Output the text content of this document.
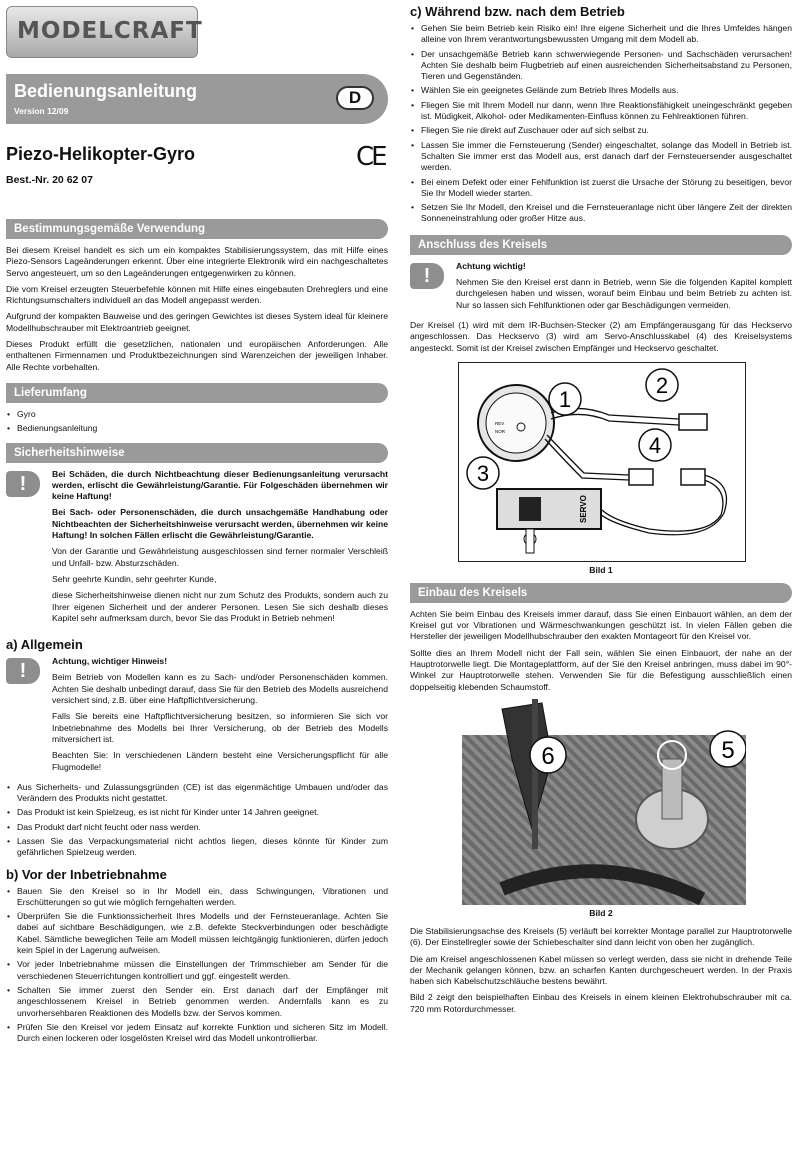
MODELCRAFT
Bedienungsanleitung
Version 12/09
D
Piezo-Helikopter-Gyro	CE
Best.-Nr. 20 62 07
Bestimmungsgemäße Verwendung

Bei diesem Kreisel handelt es sich um ein kompaktes Stabilisierungssystem, das mit Hilfe eines Piezo-Sensors Lageänderungen erkennt. Über eine integrierte Elektronik wird ein nachgeschaltetes Servo angesteuert, um so den Lageänderungen entgegenwirken zu können.

Die vom Kreisel erzeugten Steuerbefehle können mit Hilfe eines eingebauten Drehreglers und eine Richtungsumschalters individuell an das Modell angepasst werden.

Aufgrund der kompakten Bauweise und des geringen Gewichtes ist dieses System ideal für kleinere Modellhubschrauber mit Elektroantrieb geeignet.

Dieses Produkt erfüllt die gesetzlichen, nationalen und europäischen Anforderungen. Alle enthaltenen Firmennamen und Produktbezeichnungen sind Warenzeichen der jeweiligen Inhaber. Alle Rechte vorbehalten.

Lieferumfang
• Gyro
• Bedienungsanleitung
Sicherheitshinweise
!	Bei Schäden, die durch Nichtbeachtung dieser Bedienungsanleitung verursacht werden, erlischt die Gewährleistung/Garantie. Für Folgeschäden übernehmen wir keine Haftung!

Bei Sach- oder Personenschäden, die durch unsachgemäße Handhabung oder Nichtbeachten der Sicherheitshinweise verursacht werden, übernehmen wir keine Haftung! In solchen Fällen erlischt die Gewährleistung/Garantie.

Von der Garantie und Gewährleistung ausgeschlossen sind ferner normaler Verschleiß und Unfall- bzw. Absturzschäden.

Sehr geehrte Kundin, sehr geehrter Kunde,

diese Sicherheitshinweise dienen nicht nur zum Schutz des Produkts, sondern auch zu Ihrer eigenen Sicherheit und der anderer Personen. Lesen Sie sich deshalb dieses Kapitel sehr aufmerksam durch, bevor Sie das Produkt in Betrieb nehmen!

a) Allgemein
!	Achtung, wichtiger Hinweis!

Beim Betrieb von Modellen kann es zu Sach- und/oder Personenschäden kommen. Achten Sie deshalb unbedingt darauf, dass Sie für den Betrieb des Modells ausreichend versichert sind, z.B. über eine Haftpflichtversicherung.

Falls Sie bereits eine Haftpflichtversicherung besitzen, so informieren Sie sich vor Inbetriebnahme des Modells bei Ihrer Versicherung, ob der Betrieb des Modells mitversichert ist.

Beachten Sie: In verschiedenen Ländern besteht eine Versicherungspflicht für alle Flugmodelle!

• Aus Sicherheits- und Zulassungsgründen (CE) ist das eigenmächtige Umbauen und/oder das Verändern des Produkts nicht gestattet.
• Das Produkt ist kein Spielzeug, es ist nicht für Kinder unter 14 Jahren geeignet.
• Das Produkt darf nicht feucht oder nass werden.
• Lassen Sie das Verpackungsmaterial nicht achtlos liegen, dieses könnte für Kinder zum gefährlichen Spielzeug werden.
b) Vor der Inbetriebnahme
• Bauen Sie den Kreisel so in Ihr Modell ein, dass Schwingungen, Vibrationen und Erschütterungen so gut wie möglich ferngehalten werden.
• Überprüfen Sie die Funktionssicherheit Ihres Modells und der Fernsteueranlage. Achten Sie dabei auf sichtbare Beschädigungen, wie z.B. defekte Steckverbindungen oder beschädigte Kabel. Sämtliche beweglichen Teile am Modell müssen leichtgängig funktionieren, dürfen jedoch kein Spiel in der Lagerung aufweisen.
• Vor jeder Inbetriebnahme müssen die Einstellungen der Trimmschieber am Sender für die verschiedenen Steuerrichtungen kontrolliert und ggf. eingestellt werden.
• Schalten Sie immer zuerst den Sender ein. Erst danach darf der Empfänger mit angeschlossenem Kreisel in Betrieb genommen werden. Andernfalls kann es zu unvorhersehbaren Reaktionen des Modells bzw. der Servos kommen.
• Prüfen Sie den Kreisel vor jedem Einsatz auf korrekte Funktion und sicheren Sitz im Modell. Durch einen lockeren oder losgelösten Kreisel wird das Modell unkontrollierbar.
c) Während bzw. nach dem Betrieb
• Gehen Sie beim Betrieb kein Risiko ein! Ihre eigene Sicherheit und die Ihres Umfeldes hängen alleine von Ihrem verantwortungsbewussten Umgang mit dem Modell ab.
• Der unsachgemäße Betrieb kann schwerwiegende Personen- und Sachschäden verursachen! Achten Sie deshalb beim Flugbetrieb auf einen ausreichenden Sicherheitsabstand zu Personen, Tieren und Gegenständen.
• Wählen Sie ein geeignetes Gelände zum Betrieb Ihres Modells aus.
• Fliegen Sie mit Ihrem Modell nur dann, wenn Ihre Reaktionsfähigkeit uneingeschränkt gegeben ist. Müdigkeit, Alkohol- oder Medikamenten-Einfluss können zu Fehlreaktionen führen.
• Fliegen Sie nie direkt auf Zuschauer oder auf sich selbst zu.
• Lassen Sie immer die Fernsteuerung (Sender) eingeschaltet, solange das Modell in Betrieb ist. Schalten Sie immer erst das Modell aus, erst danach darf der Fernsteuersender ausgeschaltet werden.
• Bei einem Defekt oder einer Fehlfunktion ist zuerst die Ursache der Störung zu beseitigen, bevor Sie Ihr Modell wieder starten.
• Setzen Sie Ihr Modell, den Kreisel und die Fernsteueranlage nicht über längere Zeit der direkten Sonneneinstrahlung oder großer Hitze aus.
Anschluss des Kreisels
!	Achtung wichtig!

Nehmen Sie den Kreisel erst dann in Betrieb, wenn Sie die folgenden Kapitel komplett durchgelesen haben und wissen, worauf beim Einbau und beim Betrieb zu achten ist. Nur so lassen sich Fehlfunktionen oder gar Beschädigungen vermeiden.

Der Kreisel (1) wird mit dem IR-Buchsen-Stecker (2) am Empfängerausgang für das Heckservo angeschlossen. Das Heckservo (3) wird am Servo-Anschlusskabel (4) des Kreiselsystems angesteckt. Somit ist der Kreisel zwischen Empfänger und Heckservo geschaltet.

REV
NOR
SERVO
1
2
3
4
Bild 1
Einbau des Kreisels

Achten Sie beim Einbau des Kreisels immer darauf, dass Sie einen Einbauort wählen, an dem der Kreisel gut vor Vibrationen und Wärmeschwankungen geschützt ist. In vielen Fällen geben die Hersteller der jeweiligen Modellhubschrauber den exakten Montageort für den Kreisel vor.

Sollte dies an Ihrem Modell nicht der Fall sein, wählen Sie einen Einbauort, der nahe an der Hauptrotorwelle liegt. Die Montageplattform, auf der Sie den Kreisel anbringen, muss dabei im 90°-Winkel zur Hauptrotorwelle stehen. Verwenden Sie für die Befestigung ausschließlich einen doppelseitig klebenden Schaumstoff.

6	5
Bild 2

Die Stabilisierungsachse des Kreisels (5) verläuft bei korrekter Montage parallel zur Hauptrotorwelle (6). Der Einstellregler sowie der Schiebeschalter sind dann leicht von oben her zugänglich.

Die am Kreisel angeschlossenen Kabel müssen so verlegt werden, dass sie nicht in drehende Teile der Mechanik gelangen können, bzw. an scharfen Kanten durchgescheuert werden. In der Praxis haben sich Kabelschutzschläuche bestens bewährt.

Bild 2 zeigt den beispielhaften Einbau des Kreisels in einem kleinen Elektrohubschrauber mit ca. 720 mm Rotordurchmesser.
